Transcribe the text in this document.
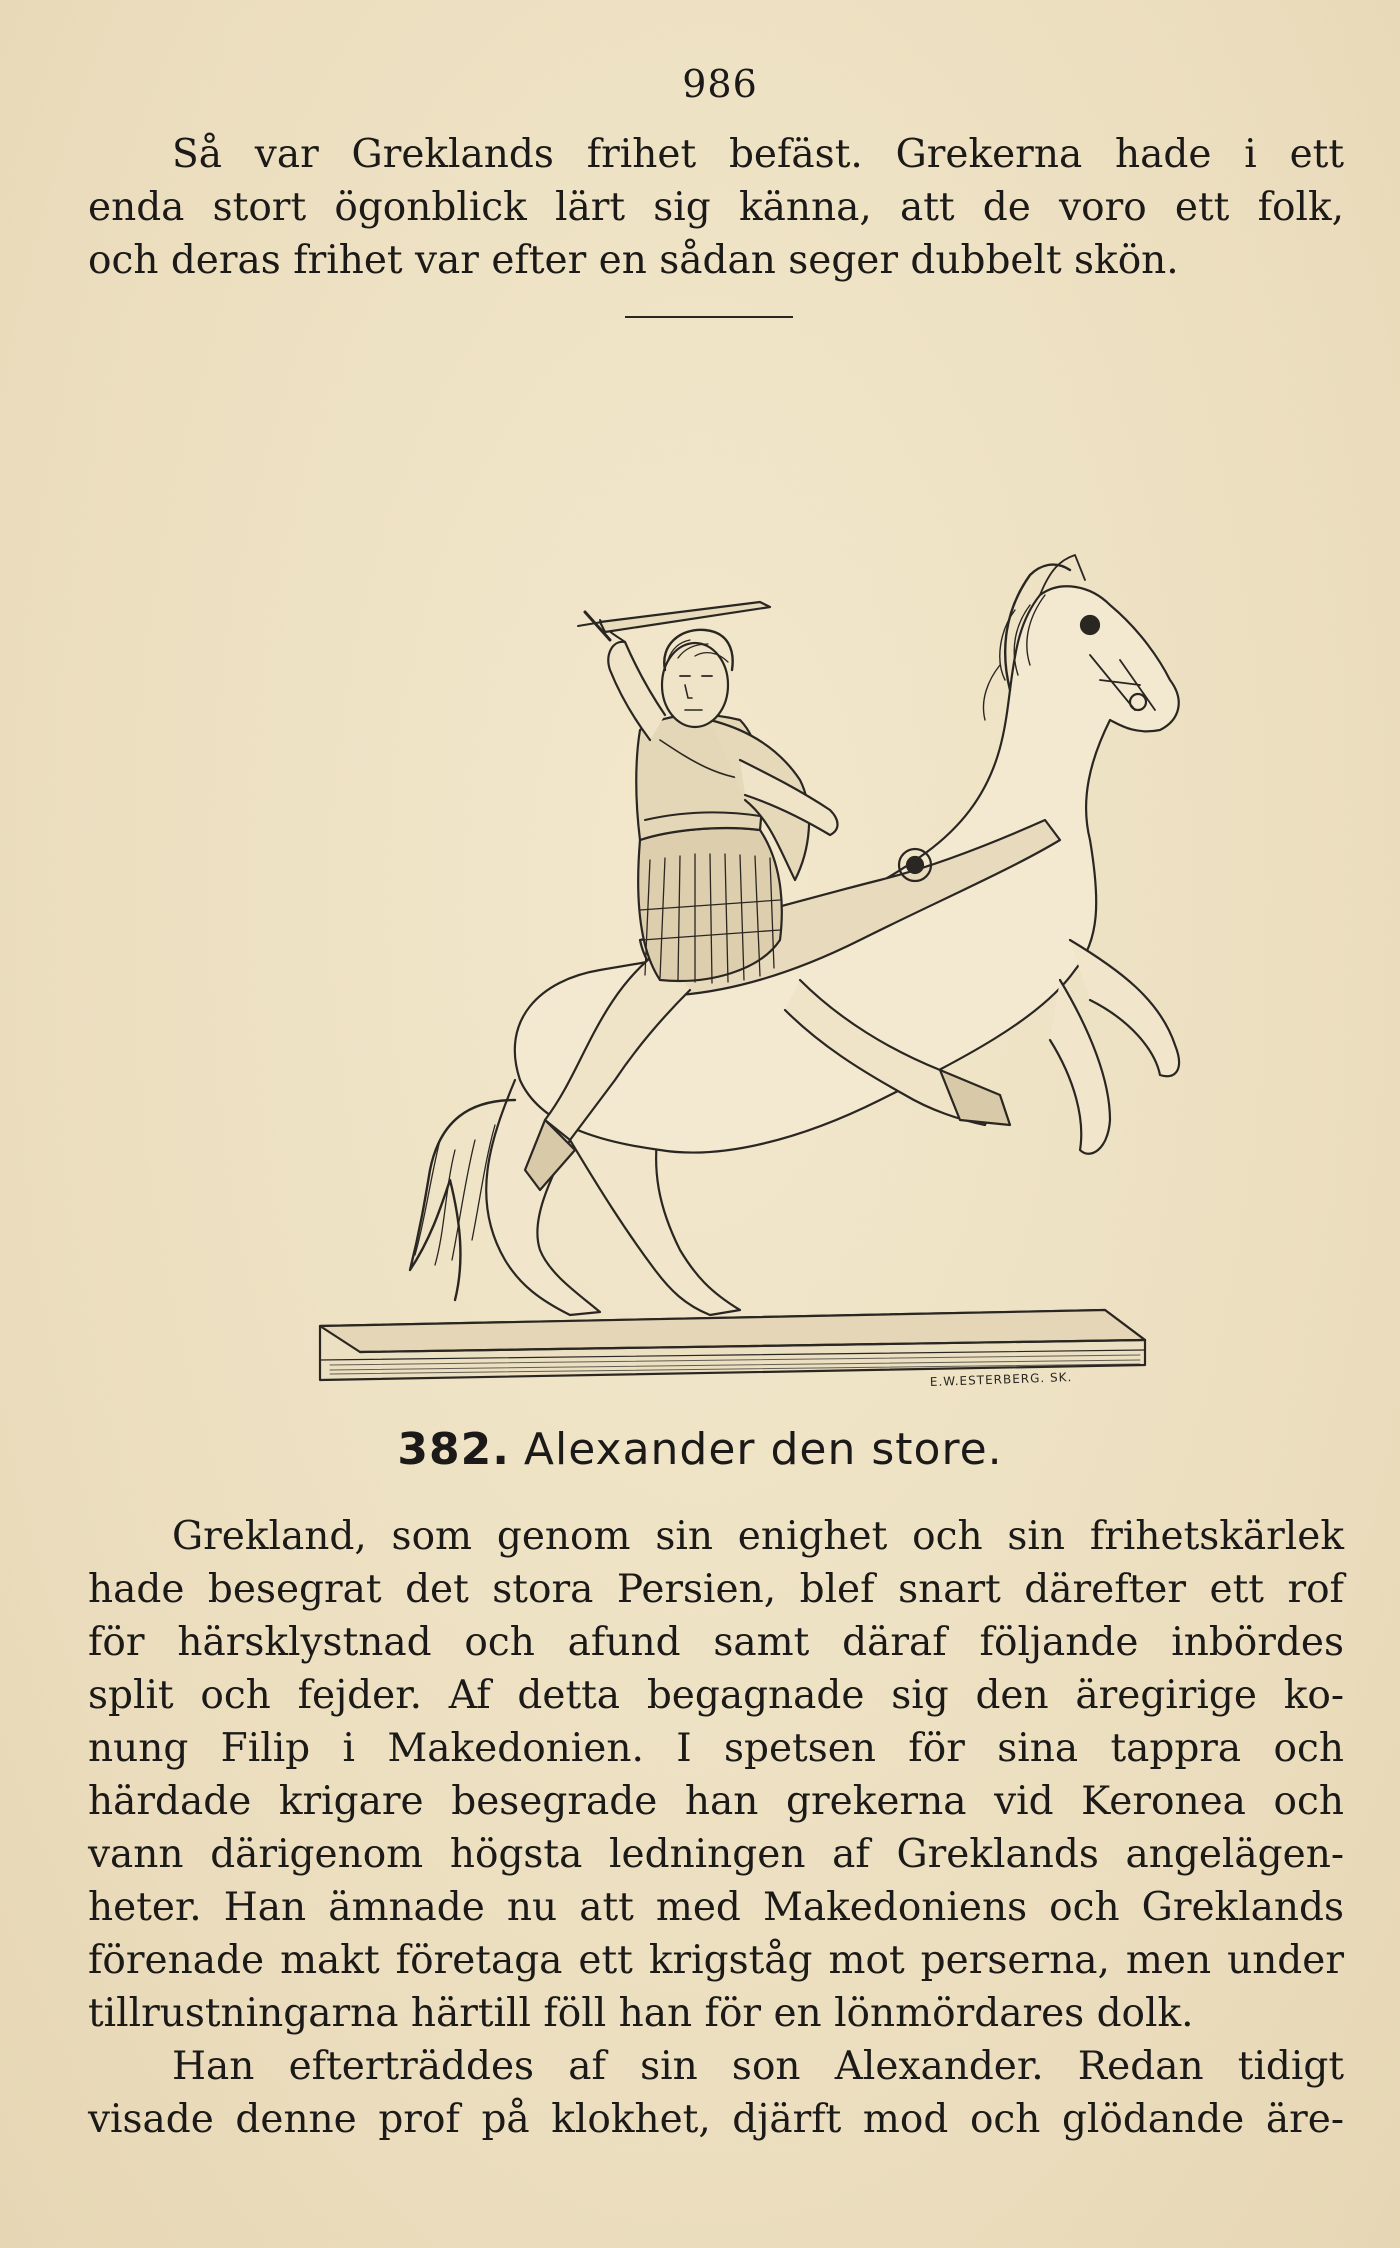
986
Så var Greklands frihet befäst. Grekerna hade i ett
enda stort ögonblick lärt sig känna, att de voro ett folk,
och deras frihet var efter en sådan seger dubbelt skön.
E.W.ESTERBERG. SK.
382. Alexander den store.
Grekland, som genom sin enighet och sin frihetskärlek
hade besegrat det stora Persien, blef snart därefter ett rof
för härsklystnad och afund samt däraf följande inbördes
split och fejder. Af detta begagnade sig den äregirige ko-
nung Filip i Makedonien. I spetsen för sina tappra och
härdade krigare besegrade han grekerna vid Keronea och
vann därigenom högsta ledningen af Greklands angelägen-
heter. Han ämnade nu att med Makedoniens och Greklands
förenade makt företaga ett krigståg mot perserna, men under
tillrustningarna härtill föll han för en lönmördares dolk.
Han efterträddes af sin son Alexander. Redan tidigt
visade denne prof på klokhet, djärft mod och glödande äre-
